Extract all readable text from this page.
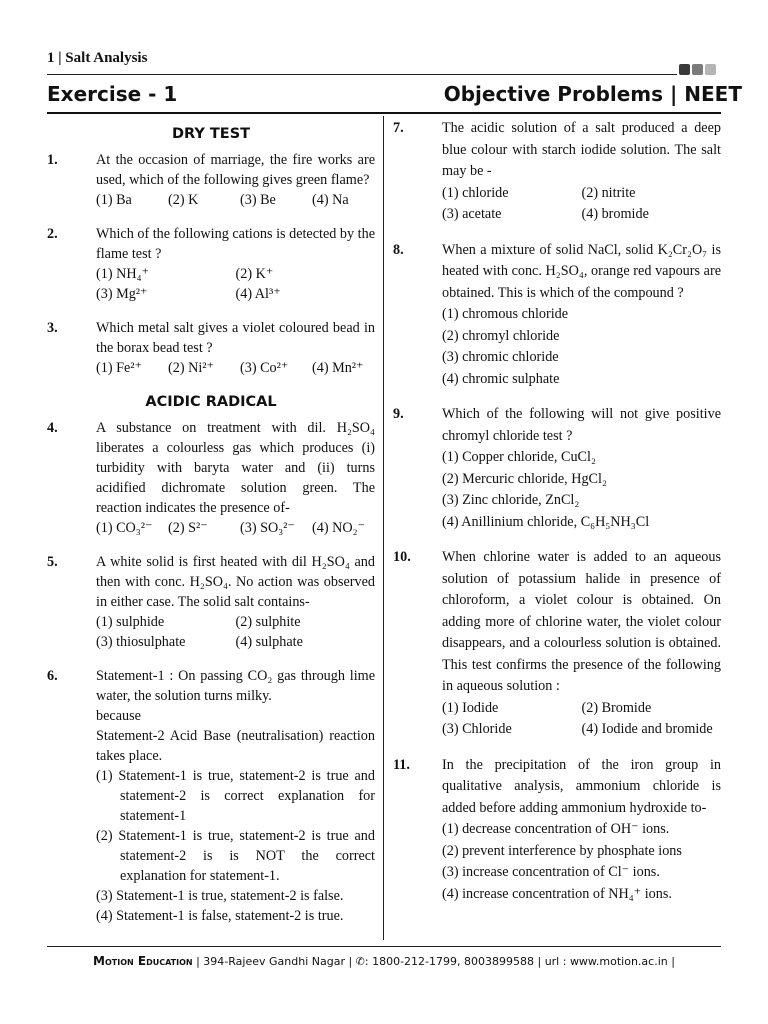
1 | Salt Analysis
Exercise - 1	Objective Problems | NEET
DRY TEST
1.	At the occasion of marriage, the fire works are used, which of the following gives green flame?
(1) Ba	(2) K	(3) Be	(4) Na
2.	Which of the following cations is detected by the flame test ?
(1) NH₄⁺	(2) K⁺
(3) Mg²⁺	(4) Al³⁺
3.	Which metal salt gives a violet coloured bead in the borax bead test ?
(1) Fe²⁺	(2) Ni²⁺	(3) Co²⁺	(4) Mn²⁺
ACIDIC RADICAL
4.	A substance on treatment with dil. H₂SO₄ liberates a colourless gas which produces (i) turbidity with baryta water and (ii) turns acidified dichromate solution green. The reaction indicates the presence of-
(1) CO₃²⁻	(2) S²⁻	(3) SO₃²⁻	(4) NO₂⁻
5.	A white solid is first heated with dil H₂SO₄ and then with conc. H₂SO₄. No action was observed in either case. The solid salt contains-
(1) sulphide	(2) sulphite
(3) thiosulphate	(4) sulphate
6.	Statement-1 : On passing CO₂ gas through lime water, the solution turns milky.
because
Statement-2 Acid Base (neutralisation) reaction takes place.
(1) Statement-1 is true, statement-2 is true and statement-2 is correct explanation for statement-1
(2) Statement-1 is true, statement-2 is true and statement-2 is is NOT the correct explanation for statement-1.
(3) Statement-1 is true, statement-2 is false.
(4) Statement-1 is false, statement-2 is true.
7.	The acidic solution of a salt produced a deep blue colour with starch iodide solution. The salt may be -
(1) chloride	(2) nitrite
(3) acetate	(4) bromide
8.	When a mixture of solid NaCl, solid K₂Cr₂O₇ is heated with conc. H₂SO₄, orange red vapours are obtained. This is which of the compound ?
(1) chromous chloride
(2) chromyl chloride
(3) chromic chloride
(4) chromic sulphate
9.	Which of the following will not give positive chromyl chloride test ?
(1) Copper chloride, CuCl₂
(2) Mercuric chloride, HgCl₂
(3) Zinc chloride, ZnCl₂
(4) Anillinium chloride, C₆H₅NH₃Cl
10. When chlorine water is added to an aqueous solution of potassium halide in presence of chloroform, a violet colour is obtained. On adding more of chlorine water, the violet colour disappears, and a colourless solution is obtained. This test confirms the presence of the following in aqueous solution :
(1) Iodide	(2) Bromide
(3) Chloride	(4) Iodide and bromide
11. In the precipitation of the iron group in qualitative analysis, ammonium chloride is added before adding ammonium hydroxide to-
(1) decrease concentration of OH⁻ ions.
(2) prevent interference by phosphate ions
(3) increase concentration of Cl⁻ ions.
(4) increase concentration of NH₄⁺ ions.
Motion Education | 394-Rajeev Gandhi Nagar | ✆: 1800-212-1799, 8003899588 | url : www.motion.ac.in |
